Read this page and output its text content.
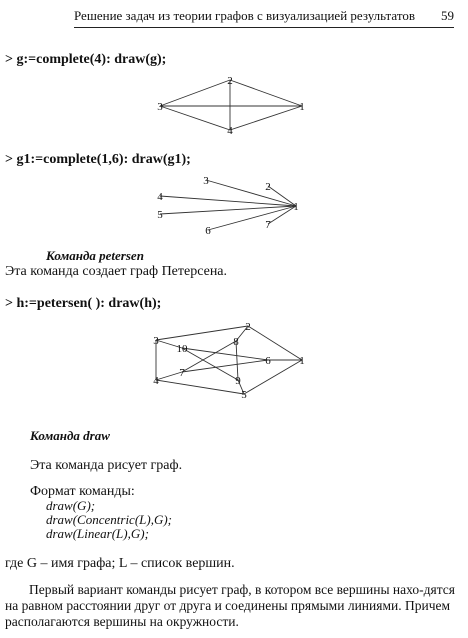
Решение задач из теории графов с визуализацией результатов 59
> g:=complete(4): draw(g);
1
2
3
4
> g1:=complete(1,6): draw(g1);
1
2
3
4
5
6	7
Команда petersen
Эта команда создает граф Петерсена.
> h:=petersen( ): draw(h);
1
2
3
4
5
6
7
8
9
10
Команда draw
Эта команда рисует граф.
Формат команды:
draw(G);
draw(Concentric(L),G);
draw(Linear(L),G);
где G – имя графа; L – список вершин.
Первый вариант команды рисует граф, в котором все вершины нахо-дятся на равном расстоянии друг от друга и соединены прямыми линиями. Причем располагаются вершины на окружности.
